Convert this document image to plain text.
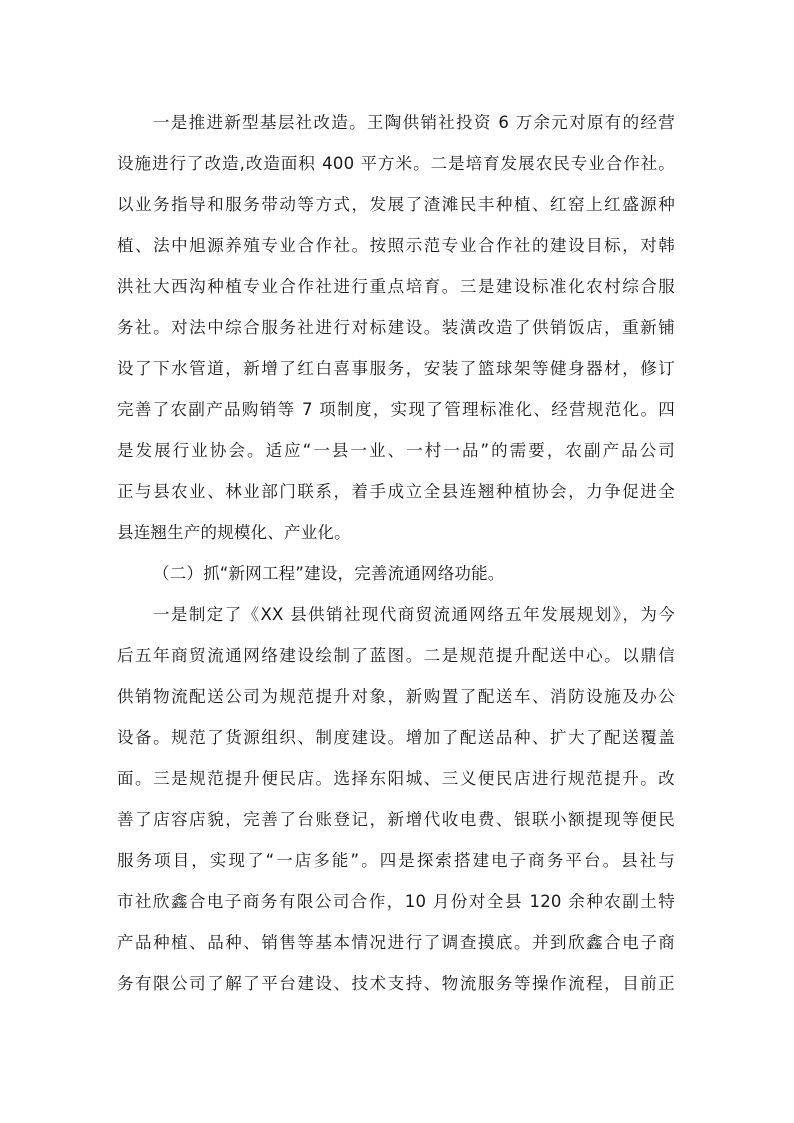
一是推进新型基层社改造。王陶供销社投资 6 万余元对原有的经营
设施进行了改造,改造面积 400 平方米。二是培育发展农民专业合作社。
以业务指导和服务带动等方式，发展了渣滩民丰种植、红窑上红盛源种
植、法中旭源养殖专业合作社。按照示范专业合作社的建设目标，对韩
洪社大西沟种植专业合作社进行重点培育。三是建设标准化农村综合服
务社。对法中综合服务社进行对标建设。装潢改造了供销饭店，重新铺
设了下水管道，新增了红白喜事服务，安装了篮球架等健身器材，修订
完善了农副产品购销等 7 项制度，实现了管理标准化、经营规范化。四
是发展行业协会。适应“一县一业、一村一品”的需要，农副产品公司
正与县农业、林业部门联系，着手成立全县连翘种植协会，力争促进全
县连翘生产的规模化、产业化。
（二）抓“新网工程”建设，完善流通网络功能。
一是制定了《XX 县供销社现代商贸流通网络五年发展规划》，为今
后五年商贸流通网络建设绘制了蓝图。二是规范提升配送中心。以鼎信
供销物流配送公司为规范提升对象，新购置了配送车、消防设施及办公
设备。规范了货源组织、制度建设。增加了配送品种、扩大了配送覆盖
面。三是规范提升便民店。选择东阳城、三义便民店进行规范提升。改
善了店容店貌，完善了台账登记，新增代收电费、银联小额提现等便民
服务项目，实现了“一店多能”。四是探索搭建电子商务平台。县社与
市社欣鑫合电子商务有限公司合作，10 月份对全县 120 余种农副土特
产品种植、品种、销售等基本情况进行了调查摸底。并到欣鑫合电子商
务有限公司了解了平台建设、技术支持、物流服务等操作流程，目前正
